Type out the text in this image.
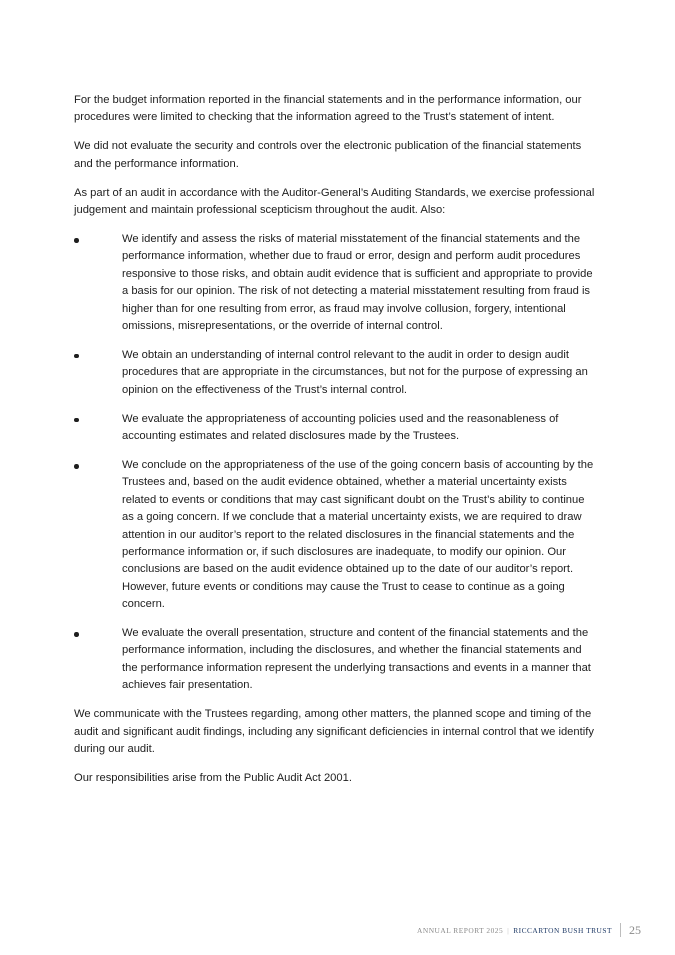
For the budget information reported in the financial statements and in the performance information, our procedures were limited to checking that the information agreed to the Trust’s statement of intent.

We did not evaluate the security and controls over the electronic publication of the financial statements and the performance information.

As part of an audit in accordance with the Auditor-General’s Auditing Standards, we exercise professional judgement and maintain professional scepticism throughout the audit. Also:

We identify and assess the risks of material misstatement of the financial statements and the performance information, whether due to fraud or error, design and perform audit procedures responsive to those risks, and obtain audit evidence that is sufficient and appropriate to provide a basis for our opinion. The risk of not detecting a material misstatement resulting from fraud is higher than for one resulting from error, as fraud may involve collusion, forgery, intentional omissions, misrepresentations, or the override of internal control.
We obtain an understanding of internal control relevant to the audit in order to design audit procedures that are appropriate in the circumstances, but not for the purpose of expressing an opinion on the effectiveness of the Trust’s internal control.
We evaluate the appropriateness of accounting policies used and the reasonableness of accounting estimates and related disclosures made by the Trustees.
We conclude on the appropriateness of the use of the going concern basis of accounting by the Trustees and, based on the audit evidence obtained, whether a material uncertainty exists related to events or conditions that may cast significant doubt on the Trust’s ability to continue as a going concern. If we conclude that a material uncertainty exists, we are required to draw attention in our auditor’s report to the related disclosures in the financial statements and the performance information or, if such disclosures are inadequate, to modify our opinion. Our conclusions are based on the audit evidence obtained up to the date of our auditor’s report. However, future events or conditions may cause the Trust to cease to continue as a going concern.
We evaluate the overall presentation, structure and content of the financial statements and the performance information, including the disclosures, and whether the financial statements and the performance information represent the underlying transactions and events in a manner that achieves fair presentation.

We communicate with the Trustees regarding, among other matters, the planned scope and timing of the audit and significant audit findings, including any significant deficiencies in internal control that we identify during our audit.

Our responsibilities arise from the Public Audit Act 2001.

ANNUAL REPORT 2025 | RICCARTON BUSH TRUST 25
